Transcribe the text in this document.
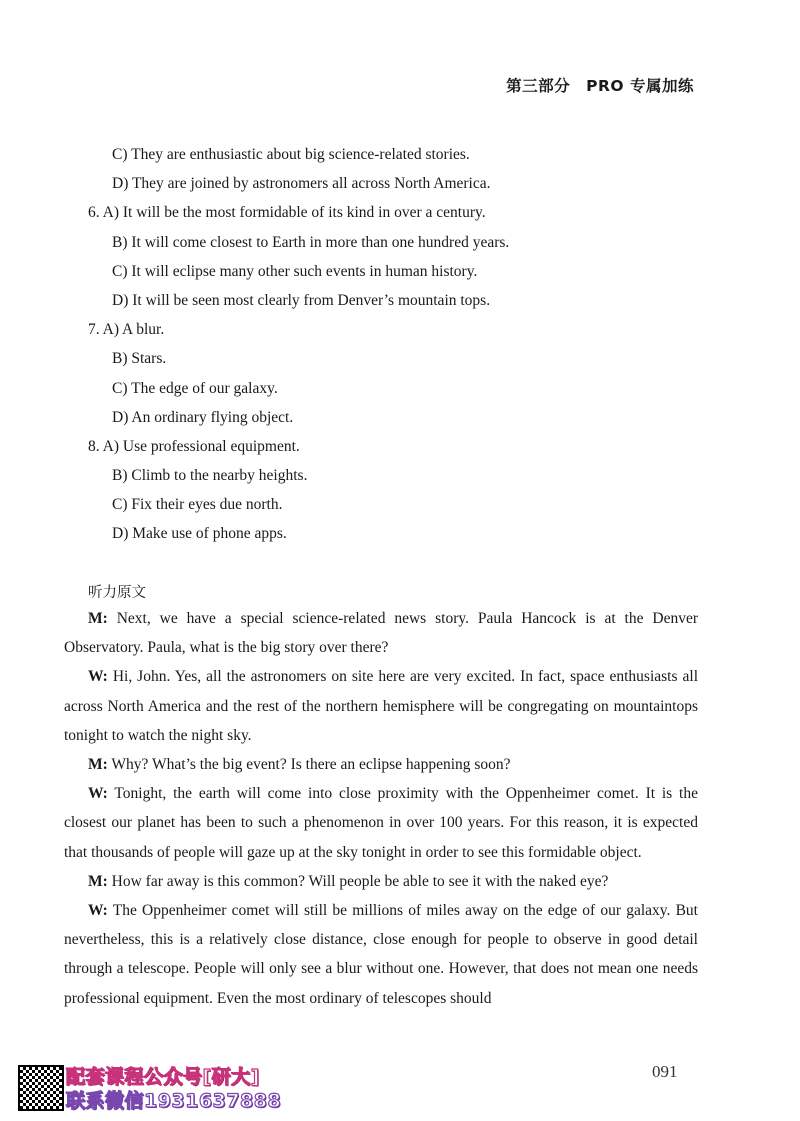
第三部分　PRO 专属加练
C) They are enthusiastic about big science-related stories.
D) They are joined by astronomers all across North America.
6. A) It will be the most formidable of its kind in over a century.
B) It will come closest to Earth in more than one hundred years.
C) It will eclipse many other such events in human history.
D) It will be seen most clearly from Denver’s mountain tops.
7. A) A blur.
B) Stars.
C) The edge of our galaxy.
D) An ordinary flying object.
8. A) Use professional equipment.
B) Climb to the nearby heights.
C) Fix their eyes due north.
D) Make use of phone apps.
听力原文

M: Next, we have a special science-related news story. Paula Hancock is at the Denver Observatory. Paula, what is the big story over there?

W: Hi, John. Yes, all the astronomers on site here are very excited. In fact, space enthusiasts all across North America and the rest of the northern hemisphere will be congregating on mountaintops tonight to watch the night sky.

M: Why? What’s the big event? Is there an eclipse happening soon?

W: Tonight, the earth will come into close proximity with the Oppenheimer comet. It is the closest our planet has been to such a phenomenon in over 100 years. For this reason, it is expected that thousands of people will gaze up at the sky tonight in order to see this formidable object.

M: How far away is this common? Will people be able to see it with the naked eye?

W: The Oppenheimer comet will still be millions of miles away on the edge of our galaxy. But nevertheless, this is a relatively close distance, close enough for people to observe in good detail through a telescope. People will only see a blur without one. However, that does not mean one needs professional equipment. Even the most ordinary of telescopes should

配套课程公众号[研大]
联系微信1931637888
091
